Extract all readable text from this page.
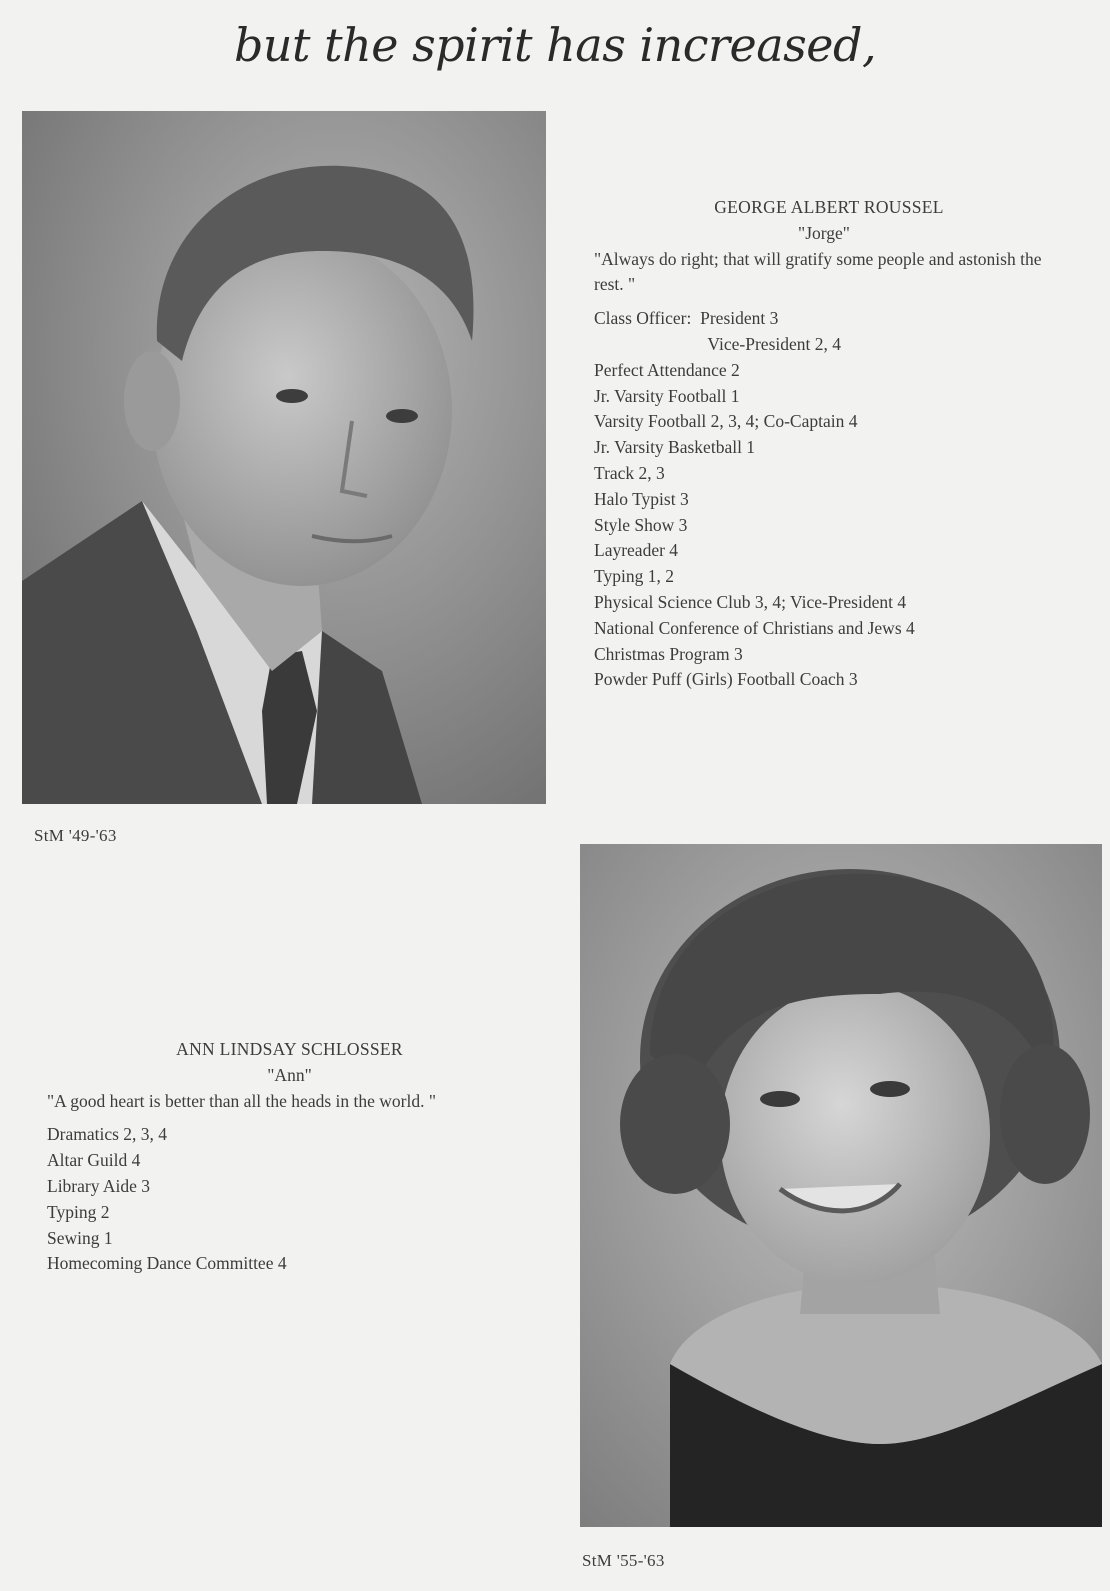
but the spirit has increased,
GEORGE ALBERT ROUSSEL
"Jorge"
"Always do right; that will gratify some people and astonish the rest. "
Class Officer:  President 3
Vice-President 2, 4
Perfect Attendance 2
Jr. Varsity Football 1
Varsity Football 2, 3, 4; Co-Captain 4
Jr. Varsity Basketball 1
Track 2, 3
Halo Typist 3
Style Show 3
Layreader 4
Typing 1, 2
Physical Science Club 3, 4; Vice-President 4
National Conference of Christians and Jews 4
Christmas Program 3
Powder Puff (Girls) Football Coach 3
StM '49-'63
ANN LINDSAY SCHLOSSER
"Ann"
"A good heart is better than all the heads in the world. "
Dramatics 2, 3, 4
Altar Guild 4
Library Aide 3
Typing 2
Sewing 1
Homecoming Dance Committee 4
StM '55-'63
